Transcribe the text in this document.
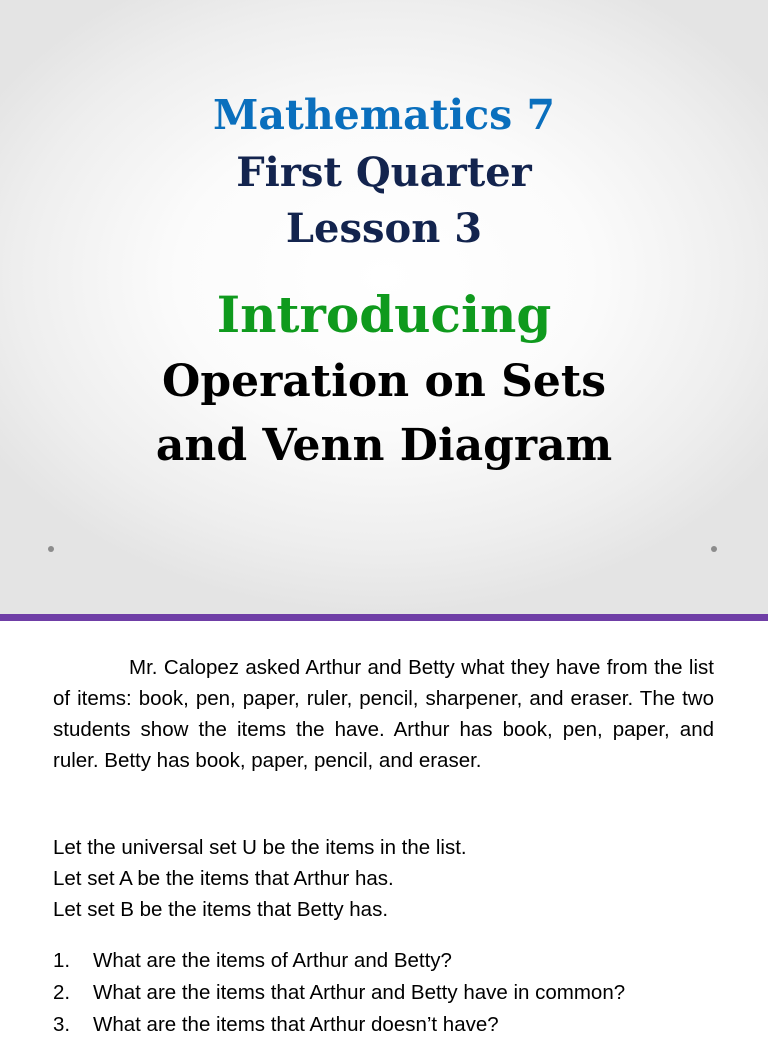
Mathematics 7
First Quarter
Lesson 3
Introducing
Operation on Sets
and Venn Diagram

Mr. Calopez asked Arthur and Betty what they have from the list of items: book, pen, paper, ruler, pencil, sharpener, and eraser. The two students show the items the have. Arthur has book, pen, paper, and ruler. Betty has book, paper, pencil, and eraser.

Let the universal set U be the items in the list.

Let set A be the items that Arthur has.

Let set B be the items that Betty has.

1. What are the items of Arthur and Betty?
2. What are the items that Arthur and Betty have in common?
3. What are the items that Arthur doesn’t have?
